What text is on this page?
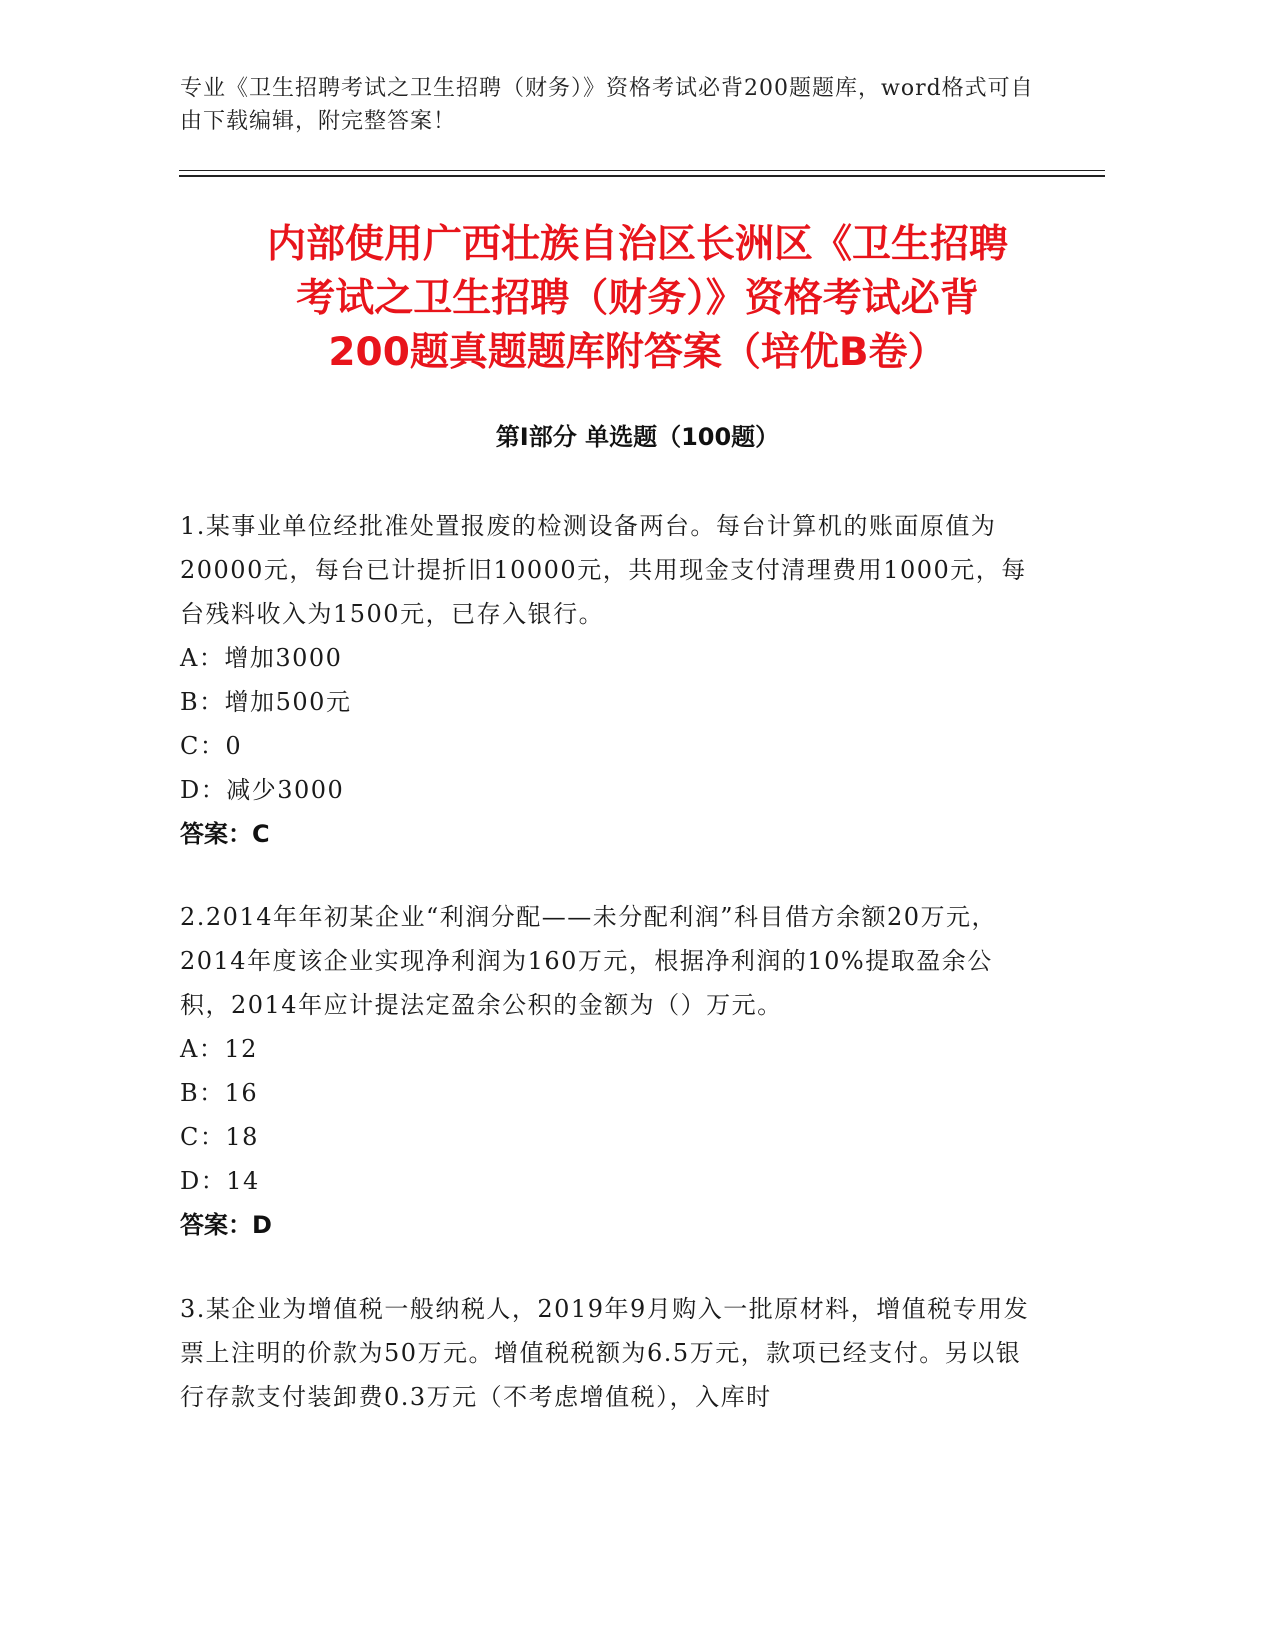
专业《卫生招聘考试之卫生招聘（财务）》资格考试必背200题题库，word格式可自由下载编辑，附完整答案！
内部使用广西壮族自治区长洲区《卫生招聘
考试之卫生招聘（财务）》资格考试必背
200题真题题库附答案（培优B卷）
第I部分 单选题（100题）

1.某事业单位经批准处置报废的检测设备两台。每台计算机的账面原值为20000元，每台已计提折旧10000元，共用现金支付清理费用1000元，每台残料收入为1500元，已存入银行。

A：增加3000

B：增加500元

C：0

D：减少3000

答案：C

2.2014年年初某企业“利润分配——未分配利润”科目借方余额20万元，2014年度该企业实现净利润为160万元，根据净利润的10%提取盈余公积，2014年应计提法定盈余公积的金额为（）万元。

A：12

B：16

C：18

D：14

答案：D

3.某企业为增值税一般纳税人，2019年9月购入一批原材料，增值税专用发票上注明的价款为50万元。增值税税额为6.5万元，款项已经支付。另以银行存款支付装卸费0.3万元（不考虑增值税），入库时
